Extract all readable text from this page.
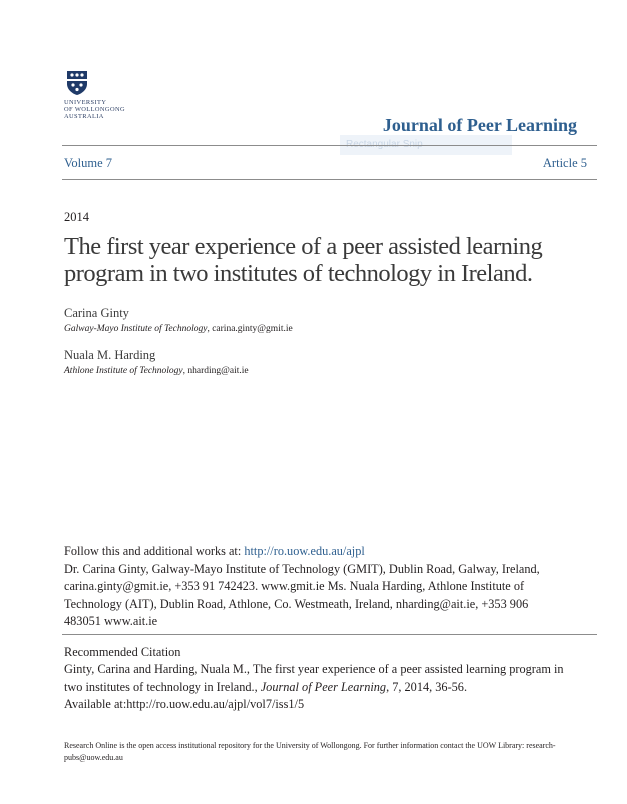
UNIVERSITY
OF WOLLONGONG
AUSTRALIA	Journal of Peer Learning
Volume 7	Article 5
2014
The first year experience of a peer assisted learning program in two institutes of technology in Ireland.
Carina Ginty
Galway-Mayo Institute of Technology, carina.ginty@gmit.ie
Nuala M. Harding
Athlone Institute of Technology, nharding@ait.ie
Follow this and additional works at: http://ro.uow.edu.au/ajpl
Dr. Carina Ginty, Galway-Mayo Institute of Technology (GMIT), Dublin Road, Galway, Ireland, carina.ginty@gmit.ie, +353 91 742423. www.gmit.ie Ms. Nuala Harding, Athlone Institute of Technology (AIT), Dublin Road, Athlone, Co. Westmeath, Ireland, nharding@ait.ie, +353 906 483051 www.ait.ie
Recommended Citation
Ginty, Carina and Harding, Nuala M., The first year experience of a peer assisted learning program in two institutes of technology in Ireland., Journal of Peer Learning, 7, 2014, 36-56.
Available at:http://ro.uow.edu.au/ajpl/vol7/iss1/5
Research Online is the open access institutional repository for the University of Wollongong. For further information contact the UOW Library: research-pubs@uow.edu.au
